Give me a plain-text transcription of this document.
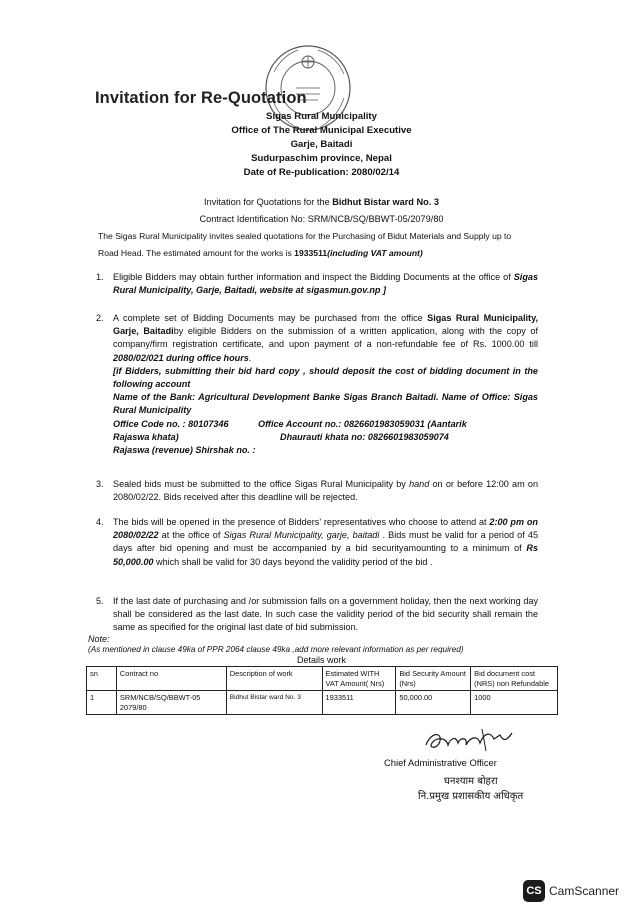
Invitation for Re-Quotation
Sigas Rural Municipality
Office of The Rural Municipal Executive
Garje, Baitadi
Sudurpaschim province, Nepal
Date of Re-publication: 2080/02/14
Invitation for Quotations for the Bidhut Bistar ward No. 3
Contract Identification No: SRM/NCB/SQ/BBWT-05/2079/80
The Sigas Rural Municipality invites sealed quotations for the Purchasing of Bidut Materials and Supply up to
Road Head. The estimated amount for the works is 1933511(including VAT amount)
1. Eligible Bidders may obtain further information and inspect the Bidding Documents at the office of Sigas Rural Municipality, Garje, Baitadi, website at sigasmun.gov.np ]
2. A complete set of Bidding Documents may be purchased from the office Sigas Rural Municipality, Garje, Baitadiby eligible Bidders on the submission of a written application, along with the copy of company/firm registration certificate, and upon payment of a non-refundable fee of Rs. 1000.00 till 2080/02/021 during office hours.
[if Bidders, submitting their bid hard copy , should deposit the cost of bidding document in the following account
Name of the Bank: Agricultural Development Banke Sigas Branch Baitadi. Name of Office: Sigas Rural Municipality
Office Code no. : 80107346	Office Account no.: 0826601983059031 (Aantarik
Rajaswa khata)	Dhaurauti khata no: 0826601983059074
Rajaswa (revenue) Shirshak no. :
3. Sealed bids must be submitted to the office Sigas Rural Municipality by hand on or before 12:00 am on 2080/02/22. Bids received after this deadline will be rejected.
4. The bids will be opened in the presence of Bidders' representatives who choose to attend at 2:00 pm on 2080/02/22 at the office of Sigas Rural Municipality, garje, baitadi . Bids must be valid for a period of 45 days after bid opening and must be accompanied by a bid securityamounting to a minimum of Rs 50,000.00 which shall be valid for 30 days beyond the validity period of the bid .
5. If the last date of purchasing and /or submission falls on a government holiday, then the next working day shall be considered as the last date. In such case the validity period of the bid security shall remain the same as specified for the original last date of bid submission.
Note:
(As mentioned in clause 49ka of PPR 2064 clause 49ka ,add more relevant information as per required)
Details work
sn	Contract no	Description of work	Estimated WITH VAT Amount( Nrs)	Bid Security Amount (Nrs)	Bid document cost (NRS) non Refundable
1	SRM/NCB/SQ/BBWT-05 2079/80	Bidhut Bistar ward No. 3	1933511	50,000.00	1000
Chief Administrative Officer
घनश्याम बोहरा
नि.प्रमुख प्रशासकीय अधिकृत
CS CamScanner
